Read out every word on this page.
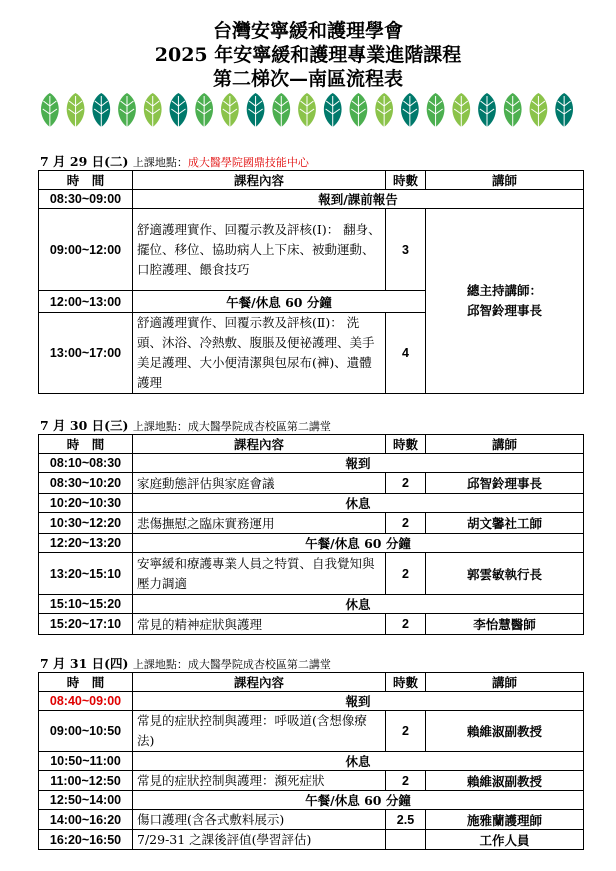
台灣安寧緩和護理學會
2025 年安寧緩和護理專業進階課程
第二梯次—南區流程表
7 月 29 日(二) 上課地點：成大醫學院國鼎技能中心
時　間	課程內容	時數	講師
08:30~09:00	報到/課前報告		
09:00~12:00	舒適護理實作、回覆示教及評核(Ⅰ)： 翻身、擺位、移位、協助病人上下床、被動運動、口腔護理、餵食技巧	3	總主持講師：
邱智鈴理事長
12:00~13:00	午餐/休息 60 分鐘		
13:00~17:00	舒適護理實作、回覆示教及評核(Ⅱ)： 洗頭、沐浴、冷熱敷、腹脹及便祕護理、美手美足護理、大小便清潔與包尿布(褲)、遺體護理	4	
7 月 30 日(三) 上課地點：成大醫學院成杏校區第二講堂
時　間	課程內容	時數	講師
08:10~08:30	報到		
08:30~10:20	家庭動態評估與家庭會議	2	邱智鈴理事長
10:20~10:30	休息		
10:30~12:20	悲傷撫慰之臨床實務運用	2	胡文馨社工師
12:20~13:20	午餐/休息 60 分鐘		
13:20~15:10	安寧緩和療護專業人員之特質、自我覺知與壓力調適	2	郭雲敏執行長
15:10~15:20	休息		
15:20~17:10	常見的精神症狀與護理	2	李怡慧醫師
7 月 31 日(四) 上課地點：成大醫學院成杏校區第二講堂
時　間	課程內容	時數	講師
08:40~09:00	報到		
09:00~10:50	常見的症狀控制與護理：呼吸道(含想像療法)	2	賴維淑副教授
10:50~11:00	休息		
11:00~12:50	常見的症狀控制與護理：瀕死症狀	2	賴維淑副教授
12:50~14:00	午餐/休息 60 分鐘		
14:00~16:20	傷口護理(含各式敷料展示)	2.5	施雅蘭護理師
16:20~16:50	7/29-31 之課後評值(學習評估)		工作人員
